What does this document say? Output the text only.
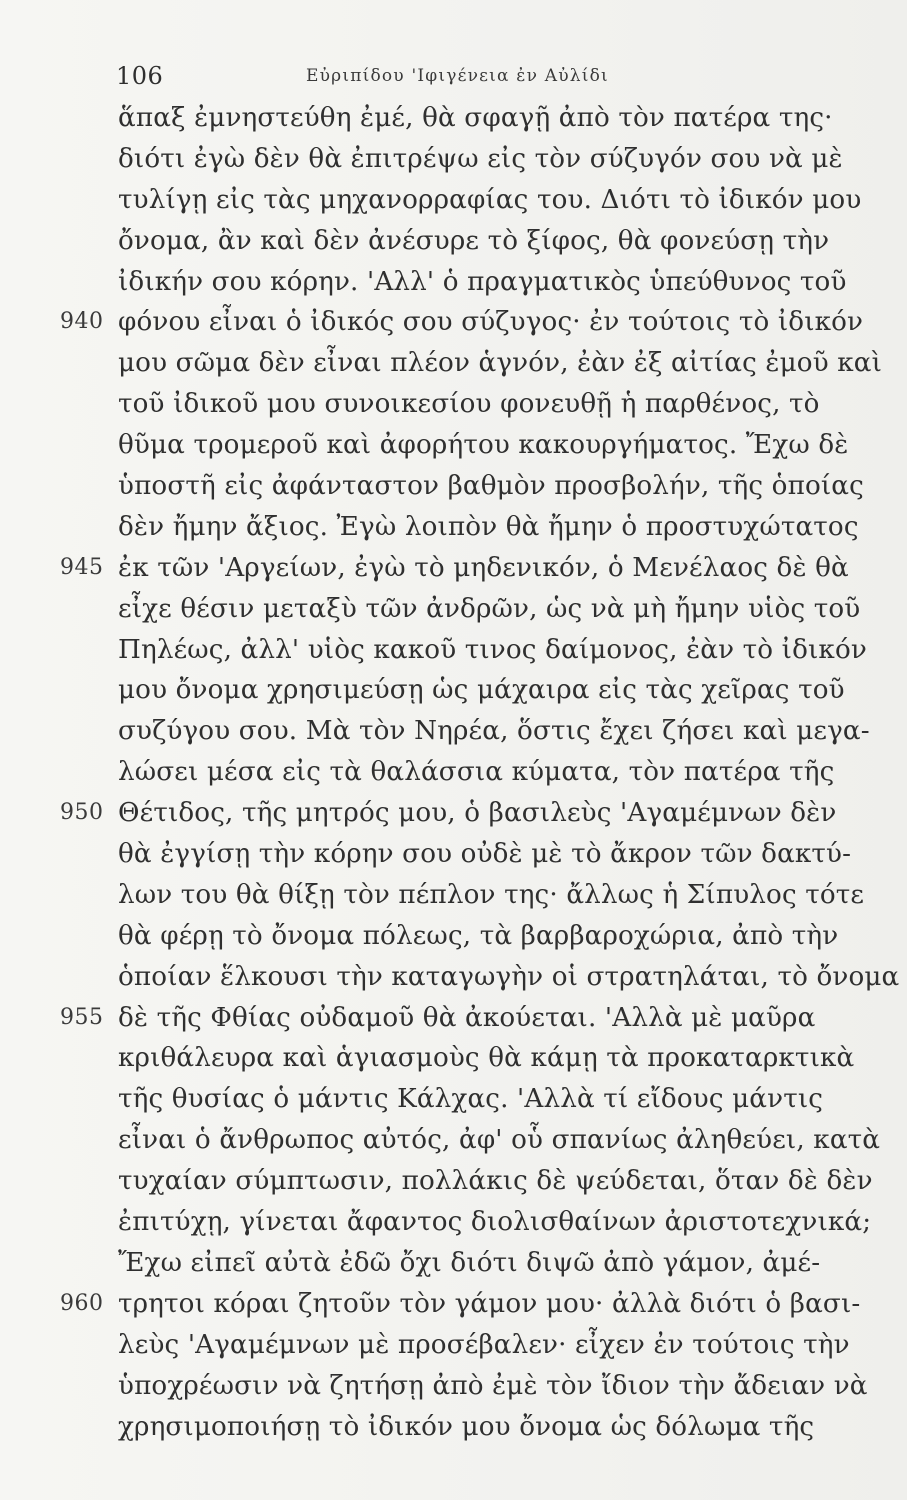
106	Εὐριπίδου 'Ιφιγένεια ἐν Αὐλίδι
ἅπαξ ἐμνηστεύθη ἐμέ, θὰ σφαγῇ ἀπὸ τὸν πατέρα της·
διότι ἐγὼ δὲν θὰ ἐπιτρέψω εἰς τὸν σύζυγόν σου νὰ μὲ
τυλίγῃ εἰς τὰς μηχανορραφίας του. Διότι τὸ ἰδικόν μου
ὄνομα, ἂν καὶ δὲν ἀνέσυρε τὸ ξίφος, θὰ φονεύσῃ τὴν
ἰδικήν σου κόρην. 'Αλλ' ὁ πραγματικὸς ὑπεύθυνος τοῦ
940 φόνου εἶναι ὁ ἰδικός σου σύζυγος· ἐν τούτοις τὸ ἰδικόν
μου σῶμα δὲν εἶναι πλέον ἁγνόν, ἐὰν ἐξ αἰτίας ἐμοῦ καὶ
τοῦ ἰδικοῦ μου συνοικεσίου φονευθῇ ἡ παρθένος, τὸ
θῦμα τρομεροῦ καὶ ἀφορήτου κακουργήματος. Ἔχω δὲ
ὑποστῆ εἰς ἀφάνταστον βαθμὸν προσβολήν, τῆς ὁποίας
δὲν ἤμην ἄξιος. Ἐγὼ λοιπὸν θὰ ἤμην ὁ προστυχώτατος
945 ἐκ τῶν 'Αργείων, ἐγὼ τὸ μηδενικόν, ὁ Μενέλαος δὲ θὰ
εἶχε θέσιν μεταξὺ τῶν ἀνδρῶν, ὡς νὰ μὴ ἤμην υἱὸς τοῦ
Πηλέως, ἀλλ' υἱὸς κακοῦ τινος δαίμονος, ἐὰν τὸ ἰδικόν
μου ὄνομα χρησιμεύσῃ ὡς μάχαιρα εἰς τὰς χεῖρας τοῦ
συζύγου σου. Μὰ τὸν Νηρέα, ὅστις ἔχει ζήσει καὶ μεγα-
λώσει μέσα εἰς τὰ θαλάσσια κύματα, τὸν πατέρα τῆς
950 Θέτιδος, τῆς μητρός μου, ὁ βασιλεὺς 'Αγαμέμνων δὲν
θὰ ἐγγίσῃ τὴν κόρην σου οὐδὲ μὲ τὸ ἄκρον τῶν δακτύ-
λων του θὰ θίξῃ τὸν πέπλον της· ἄλλως ἡ Σίπυλος τότε
θὰ φέρῃ τὸ ὄνομα πόλεως, τὰ βαρβαροχώρια, ἀπὸ τὴν
ὁποίαν ἕλκουσι τὴν καταγωγὴν οἱ στρατηλάται, τὸ ὄνομα
955 δὲ τῆς Φθίας οὐδαμοῦ θὰ ἀκούεται. 'Αλλὰ μὲ μαῦρα
κριθάλευρα καὶ ἁγιασμοὺς θὰ κάμῃ τὰ προκαταρκτικὰ
τῆς θυσίας ὁ μάντις Κάλχας. 'Αλλὰ τί εἴδους μάντις
εἶναι ὁ ἄνθρωπος αὐτός, ἀφ' οὗ σπανίως ἀληθεύει, κατὰ
τυχαίαν σύμπτωσιν, πολλάκις δὲ ψεύδεται, ὅταν δὲ δὲν
ἐπιτύχῃ, γίνεται ἄφαντος διολισθαίνων ἀριστοτεχνικά;
Ἔχω εἰπεῖ αὐτὰ ἐδῶ ὄχι διότι διψῶ ἀπὸ γάμον, ἀμέ-
960 τρητοι κόραι ζητοῦν τὸν γάμον μου· ἀλλὰ διότι ὁ βασι-
λεὺς 'Αγαμέμνων μὲ προσέβαλεν· εἶχεν ἐν τούτοις τὴν
ὑποχρέωσιν νὰ ζητήσῃ ἀπὸ ἐμὲ τὸν ἴδιον τὴν ἄδειαν νὰ
χρησιμοποιήσῃ τὸ ἰδικόν μου ὄνομα ὡς δόλωμα τῆς
